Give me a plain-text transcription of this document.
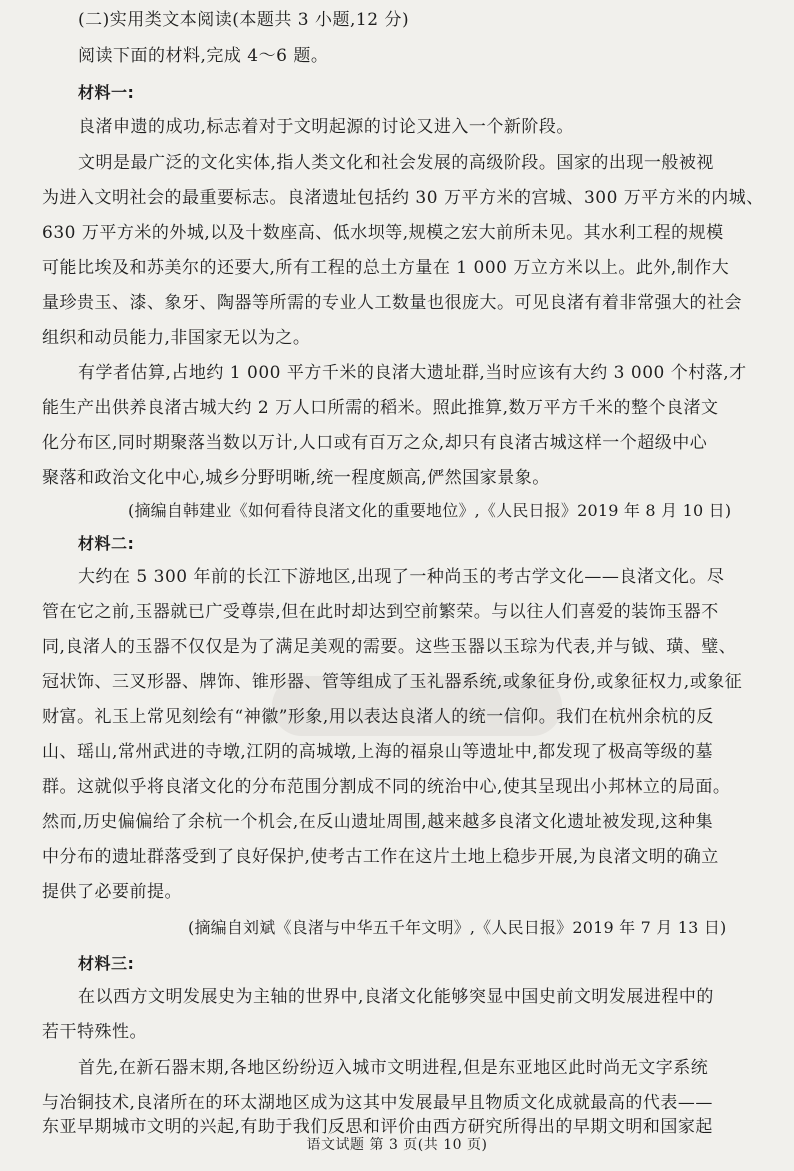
(二)实用类文本阅读(本题共 3 小题,12 分)
阅读下面的材料,完成 4～6 题。
材料一:
良渚申遗的成功,标志着对于文明起源的讨论又进入一个新阶段。
文明是最广泛的文化实体,指人类文化和社会发展的高级阶段。国家的出现一般被视
为进入文明社会的最重要标志。良渚遗址包括约 30 万平方米的宫城、300 万平方米的内城、
630 万平方米的外城,以及十数座高、低水坝等,规模之宏大前所未见。其水利工程的规模
可能比埃及和苏美尔的还要大,所有工程的总土方量在 1 000 万立方米以上。此外,制作大
量珍贵玉、漆、象牙、陶器等所需的专业人工数量也很庞大。可见良渚有着非常强大的社会
组织和动员能力,非国家无以为之。
有学者估算,占地约 1 000 平方千米的良渚大遗址群,当时应该有大约 3 000 个村落,才
能生产出供养良渚古城大约 2 万人口所需的稻米。照此推算,数万平方千米的整个良渚文
化分布区,同时期聚落当数以万计,人口或有百万之众,却只有良渚古城这样一个超级中心
聚落和政治文化中心,城乡分野明晰,统一程度颇高,俨然国家景象。
(摘编自韩建业《如何看待良渚文化的重要地位》,《人民日报》2019 年 8 月 10 日)
材料二:
大约在 5 300 年前的长江下游地区,出现了一种尚玉的考古学文化——良渚文化。尽
管在它之前,玉器就已广受尊崇,但在此时却达到空前繁荣。与以往人们喜爱的装饰玉器不
同,良渚人的玉器不仅仅是为了满足美观的需要。这些玉器以玉琮为代表,并与钺、璜、璧、
冠状饰、三叉形器、牌饰、锥形器、管等组成了玉礼器系统,或象征身份,或象征权力,或象征
财富。礼玉上常见刻绘有“神徽”形象,用以表达良渚人的统一信仰。我们在杭州余杭的反
山、瑶山,常州武进的寺墩,江阴的高城墩,上海的福泉山等遗址中,都发现了极高等级的墓
群。这就似乎将良渚文化的分布范围分割成不同的统治中心,使其呈现出小邦林立的局面。
然而,历史偏偏给了余杭一个机会,在反山遗址周围,越来越多良渚文化遗址被发现,这种集
中分布的遗址群落受到了良好保护,使考古工作在这片土地上稳步开展,为良渚文明的确立
提供了必要前提。
(摘编自刘斌《良渚与中华五千年文明》,《人民日报》2019 年 7 月 13 日)
材料三:
在以西方文明发展史为主轴的世界中,良渚文化能够突显中国史前文明发展进程中的
若干特殊性。
首先,在新石器末期,各地区纷纷迈入城市文明进程,但是东亚地区此时尚无文字系统
与冶铜技术,良渚所在的环太湖地区成为这其中发展最早且物质文化成就最高的代表——
东亚早期城市文明的兴起,有助于我们反思和评价由西方研究所得出的早期文明和国家起
语文试题 第 3 页(共 10 页)
